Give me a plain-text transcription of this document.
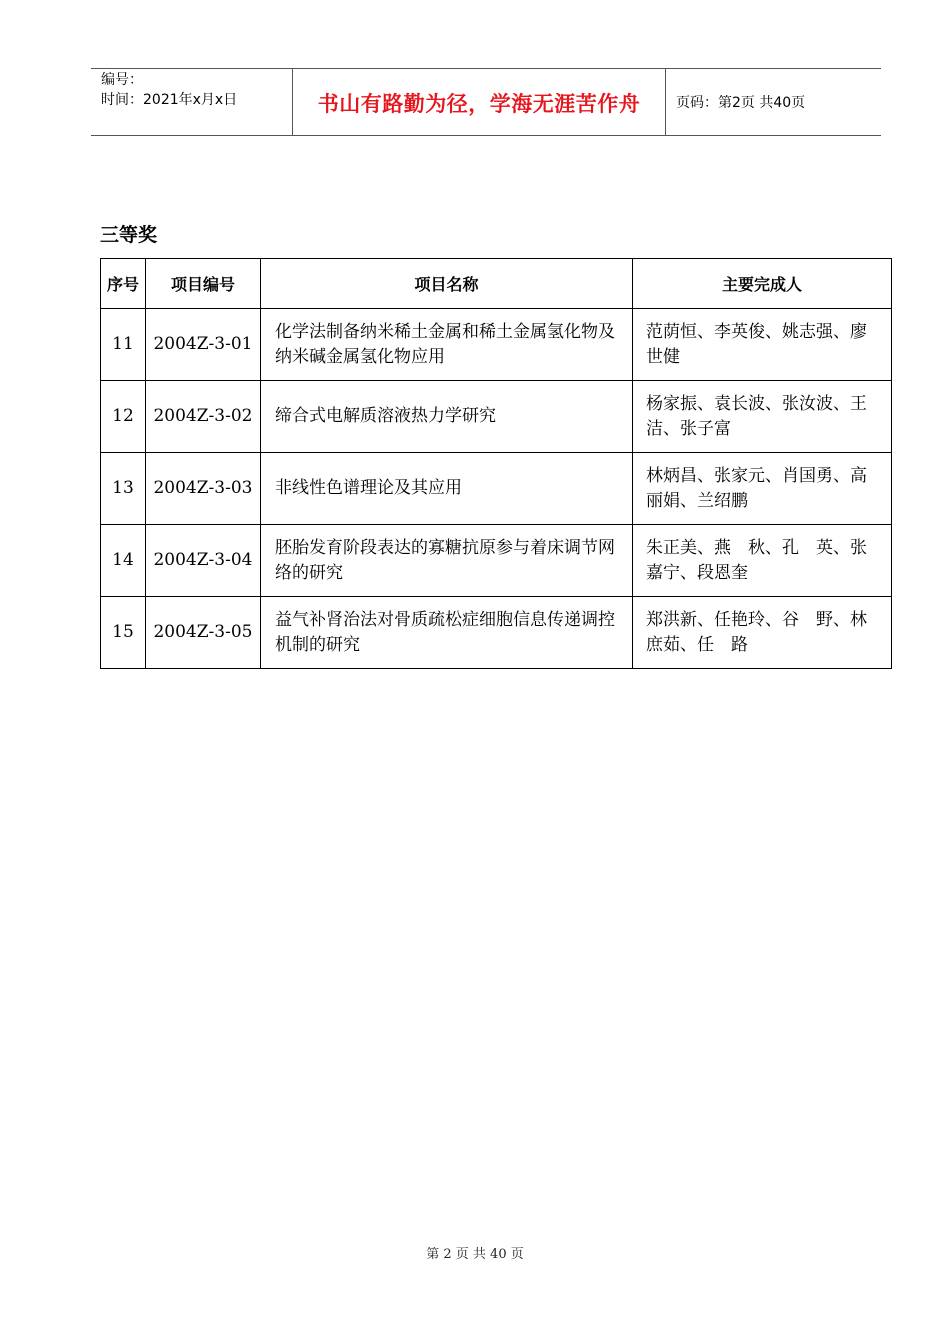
编号：
时间：2021年x月x日	书山有路勤为径，学海无涯苦作舟	页码：第2页 共40页
三等奖
序号	项目编号	项目名称	主要完成人
11	2004Z-3-01	化学法制备纳米稀土金属和稀土金属氢化物及纳米碱金属氢化物应用	范荫恒、李英俊、姚志强、廖世健
12	2004Z-3-02	缔合式电解质溶液热力学研究	杨家振、袁长波、张汝波、王　洁、张子富
13	2004Z-3-03	非线性色谱理论及其应用	林炳昌、张家元、肖国勇、高丽娟、兰绍鹏
14	2004Z-3-04	胚胎发育阶段表达的寡糖抗原参与着床调节网络的研究	朱正美、燕　秋、孔　英、张嘉宁、段恩奎
15	2004Z-3-05	益气补肾治法对骨质疏松症细胞信息传递调控机制的研究	郑洪新、任艳玲、谷　野、林庶茹、任　路
第 2 页 共 40 页
